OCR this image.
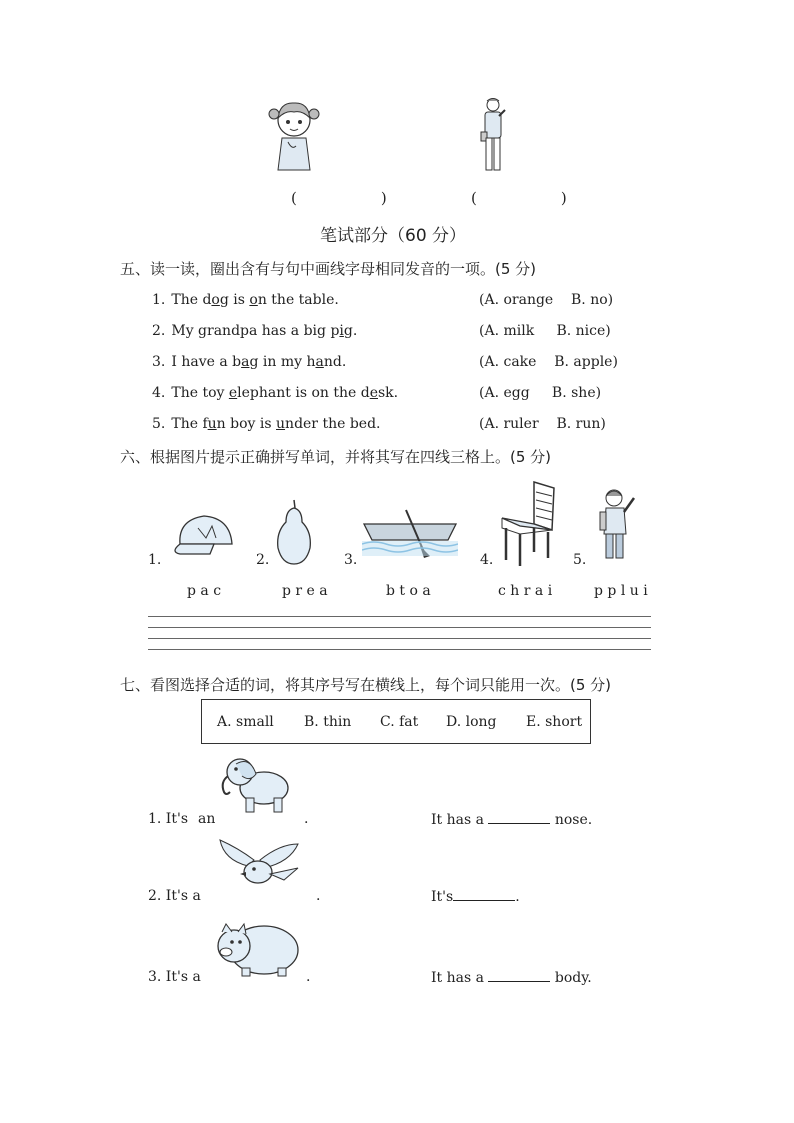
(　　)	(　　)
笔试部分（60 分）
五、读一读，圈出含有与句中画线字母相同发音的一项。(5 分)
1. The dog is on the table.	(A. orange    B. no)
2. My grandpa has a big pig.	(A. milk     B. nice)
3. I have a bag in my hand.	(A. cake    B. apple)
4. The toy elephant is on the desk.	(A. egg     B. she)
5. The fun boy is under the bed.	(A. ruler    B. run)
六、根据图片提示正确拼写单词，并将其写在四线三格上。(5 分)
1.
p a c
2.
p r e a
3.
b t o a
4.
c h r a i
5.
p p l u i
七、看图选择合适的词，将其序号写在横线上，每个词只能用一次。(5 分)
A. small B. thin C. fat D. long E. short
1. It's an	.	It has a	nose.
2. It's a	.	It's	.
3. It's a	.	It has a	body.
